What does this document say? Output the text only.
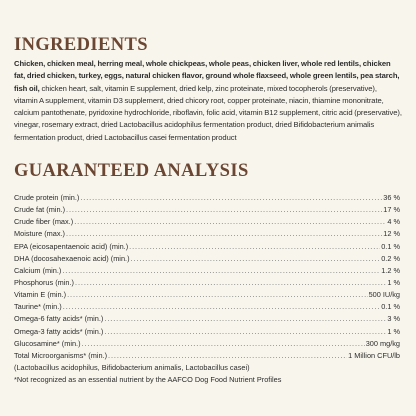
INGREDIENTS

Chicken, chicken meal, herring meal, whole chickpeas, whole peas, chicken liver, whole red lentils, chicken fat, dried chicken, turkey, eggs, natural chicken flavor, ground whole flaxseed, whole green lentils, pea starch, fish oil, chicken heart, salt, vitamin E supplement, dried kelp, zinc proteinate, mixed tocopherols (preservative), vitamin A supplement, vitamin D3 supplement, dried chicory root, copper proteinate, niacin, thiamine mononitrate, calcium pantothenate, pyridoxine hydrochloride, riboflavin, folic acid, vitamin B12 supplement, citric acid (preservative), vinegar, rosemary extract, dried Lactobacillus acidophilus fermentation product, dried Bifidobacterium animalis fermentation product, dried Lactobacillus casei fermentation product

GUARANTEED ANALYSIS
Crude protein (min.) .....	36 %
Crude fat (min.) .....	17 %
Crude fiber (max.) .....	4 %
Moisture (max.) .....	12 %
EPA (eicosapentaenoic acid) (min.) .....	0.1 %
DHA (docosahexaenoic acid) (min.) .....	0.2 %
Calcium (min.) .....	1.2 %
Phosphorus (min.) .....	1 %
Vitamin E (min.) .....	500 IU/kg
Taurine* (min.) .....	0.1 %
Omega-6 fatty acids* (min.) .....	3 %
Omega-3 fatty acids* (min.) .....	1 %
Glucosamine* (min.) .....	300 mg/kg
Total Microorganisms* (min.) .....	1 Million CFU/lb
(Lactobacillus acidophilus, Bifidobacterium animalis, Lactobacillus casei)
*Not recognized as an essential nutrient by the AAFCO Dog Food Nutrient Profiles
